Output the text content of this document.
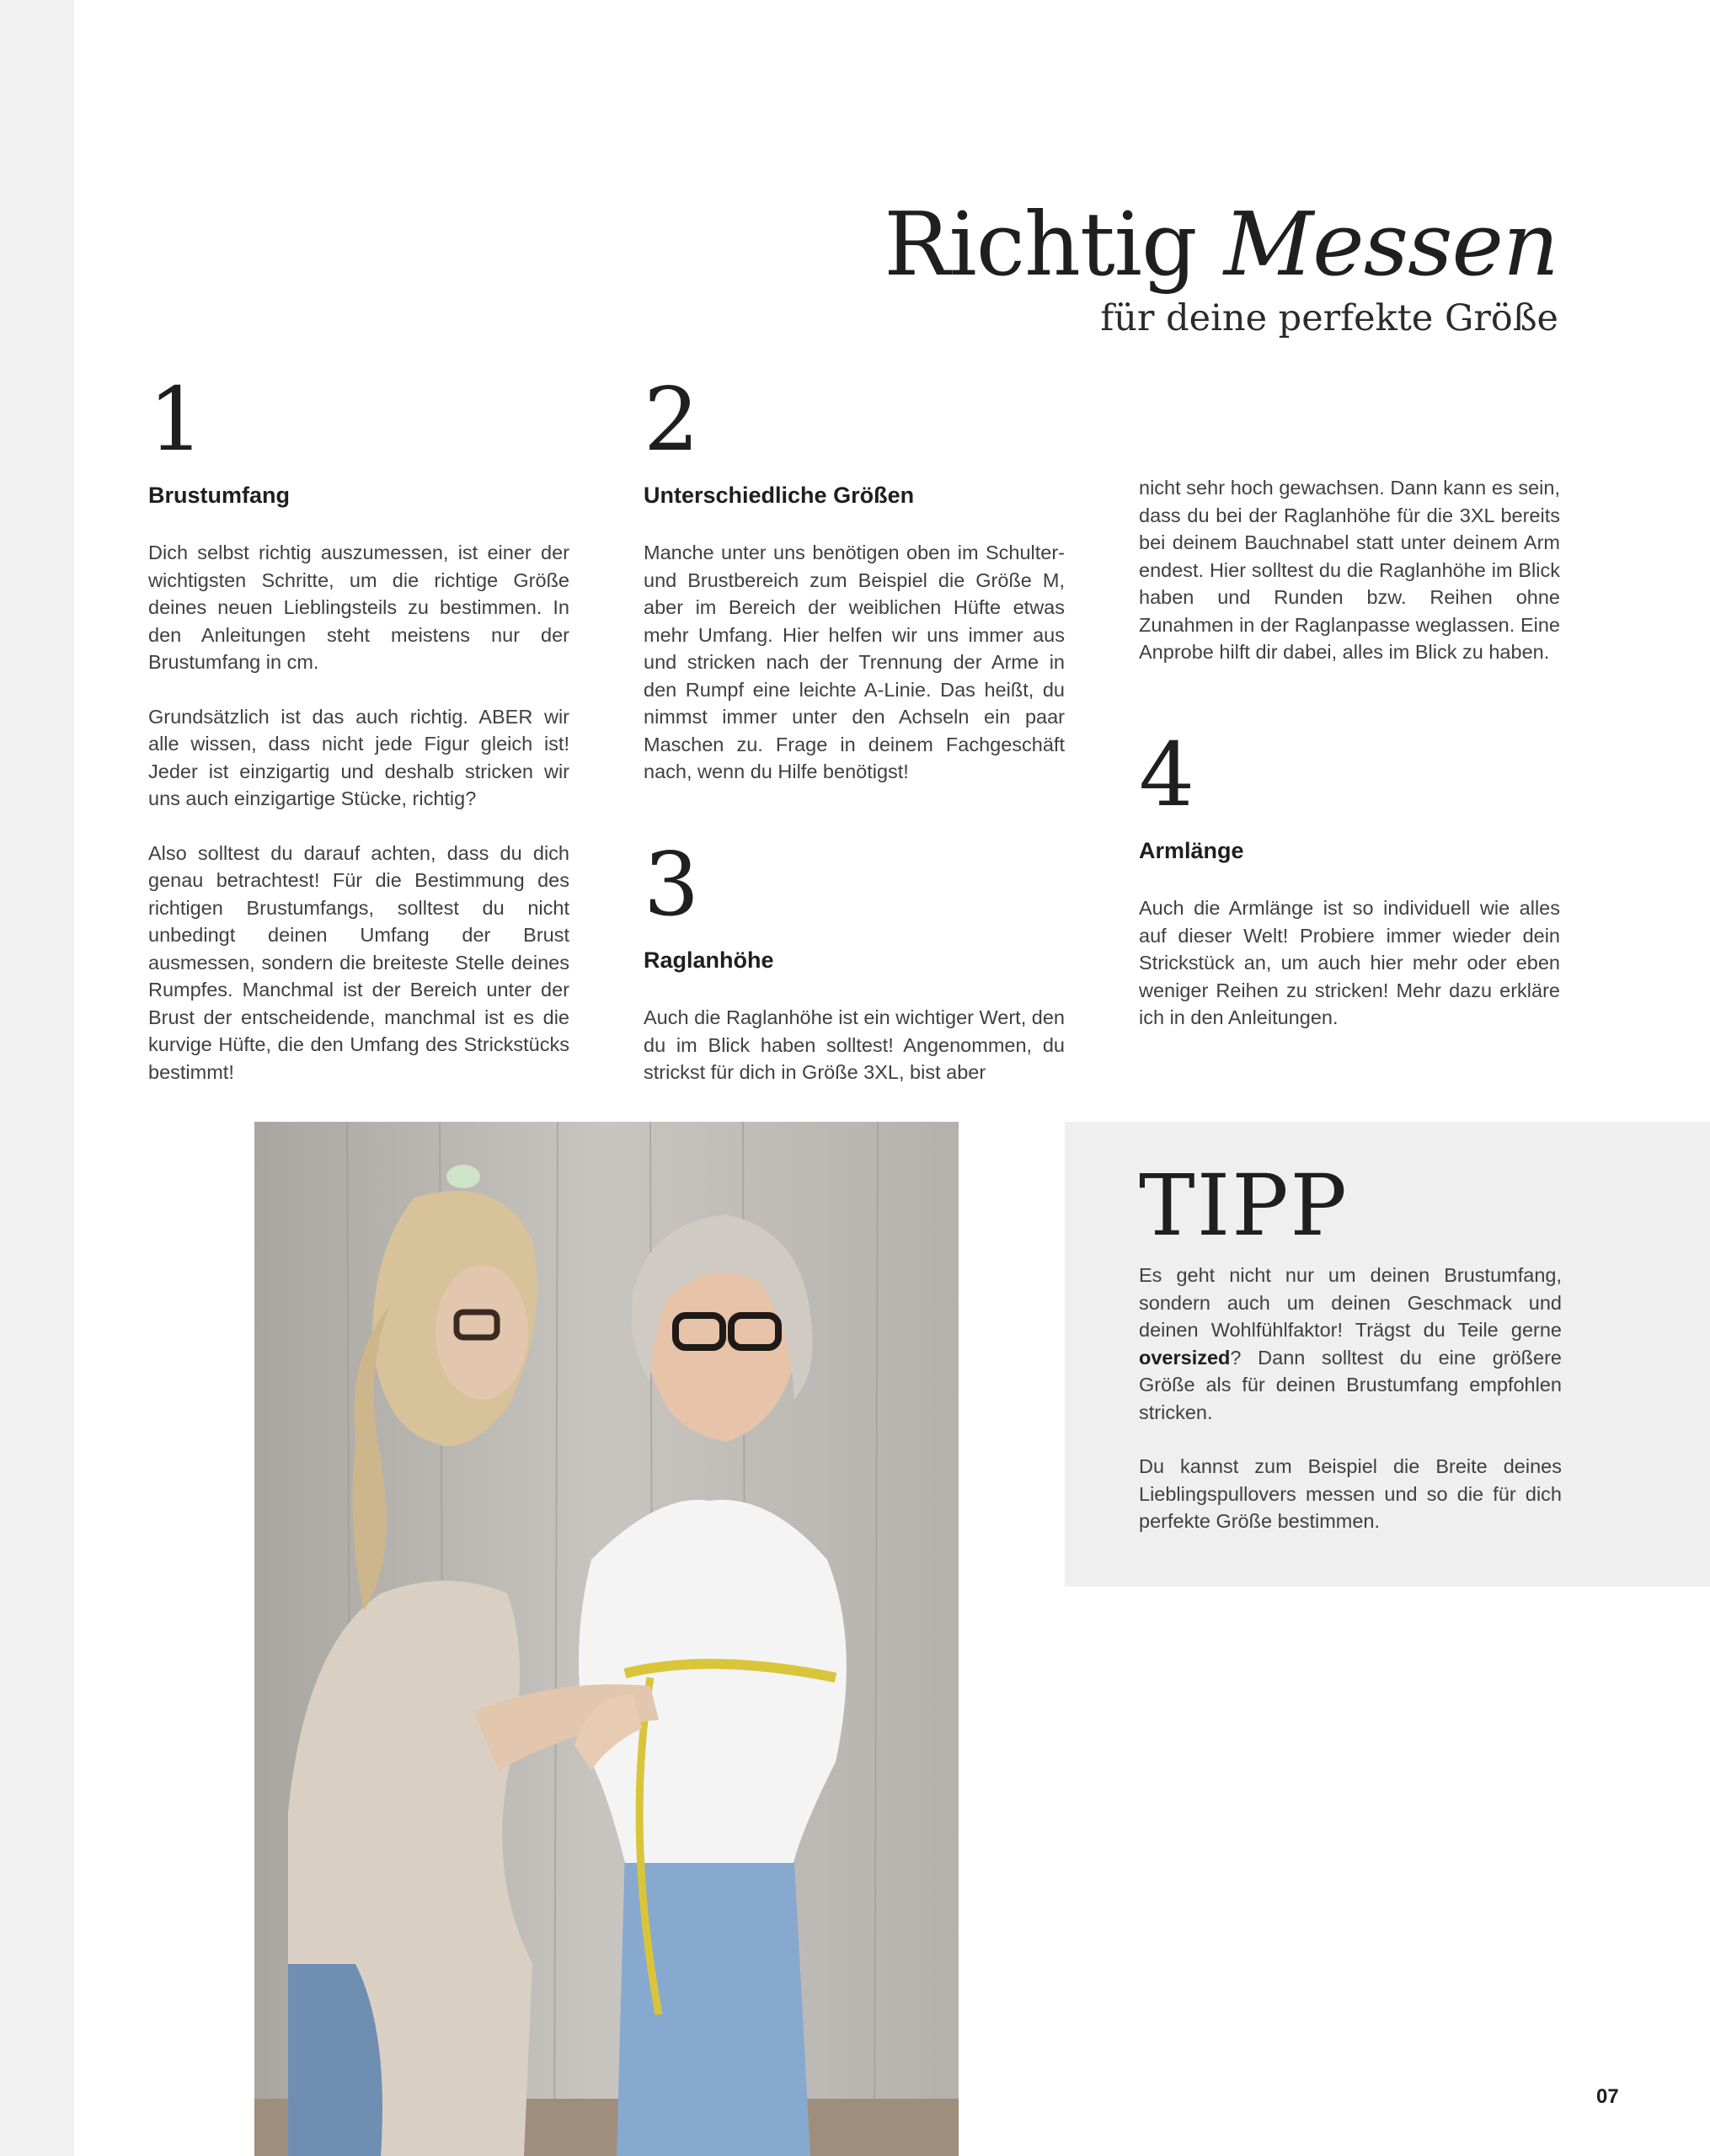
Richtig Messen
für deine perfekte Größe
1
Brustumfang

Dich selbst richtig auszumessen, ist einer der wichtigsten Schritte, um die richtige Größe deines neuen Lieblingsteils zu bestimmen. In den Anleitungen steht meistens nur der Brustumfang in cm.

Grundsätzlich ist das auch richtig. ABER wir alle wissen, dass nicht jede Figur gleich ist! Jeder ist einzigartig und deshalb stricken wir uns auch einzigartige Stücke, richtig?

Also solltest du darauf achten, dass du dich genau betrachtest! Für die Bestimmung des richtigen Brustumfangs, solltest du nicht unbedingt deinen Umfang der Brust ausmessen, sondern die breiteste Stelle deines Rumpfes. Manchmal ist der Bereich unter der Brust der entscheidende, manchmal ist es die kurvige Hüfte, die den Umfang des Strickstücks bestimmt!

2
Unterschiedliche Größen

Manche unter uns benötigen oben im Schulter- und Brustbereich zum Beispiel die Größe M, aber im Bereich der weiblichen Hüfte etwas mehr Umfang. Hier helfen wir uns immer aus und stricken nach der Trennung der Arme in den Rumpf eine leichte A-Linie. Das heißt, du nimmst immer unter den Achseln ein paar Maschen zu. Frage in deinem Fachgeschäft nach, wenn du Hilfe benötigst!

3
Raglanhöhe

Auch die Raglanhöhe ist ein wichtiger Wert, den du im Blick haben solltest! Angenommen, du strickst für dich in Größe 3XL, bist aber

nicht sehr hoch gewachsen. Dann kann es sein, dass du bei der Raglanhöhe für die 3XL bereits bei deinem Bauchnabel statt unter deinem Arm endest. Hier solltest du die Raglanhöhe im Blick haben und Runden bzw. Reihen ohne Zunahmen in der Raglanpasse weglassen. Eine Anprobe hilft dir dabei, alles im Blick zu haben.

4
Armlänge

Auch die Armlänge ist so individuell wie alles auf dieser Welt! Probiere immer wieder dein Strickstück an, um auch hier mehr oder eben weniger Reihen zu stricken! Mehr dazu erkläre ich in den Anleitungen.

TIPP

Es geht nicht nur um deinen Brustumfang, sondern auch um deinen Geschmack und deinen Wohlfühlfaktor! Trägst du Teile gerne oversized? Dann solltest du eine größere Größe als für deinen Brustumfang empfohlen stricken.

Du kannst zum Beispiel die Breite deines Lieblingspullovers messen und so die für dich perfekte Größe bestimmen.

07
